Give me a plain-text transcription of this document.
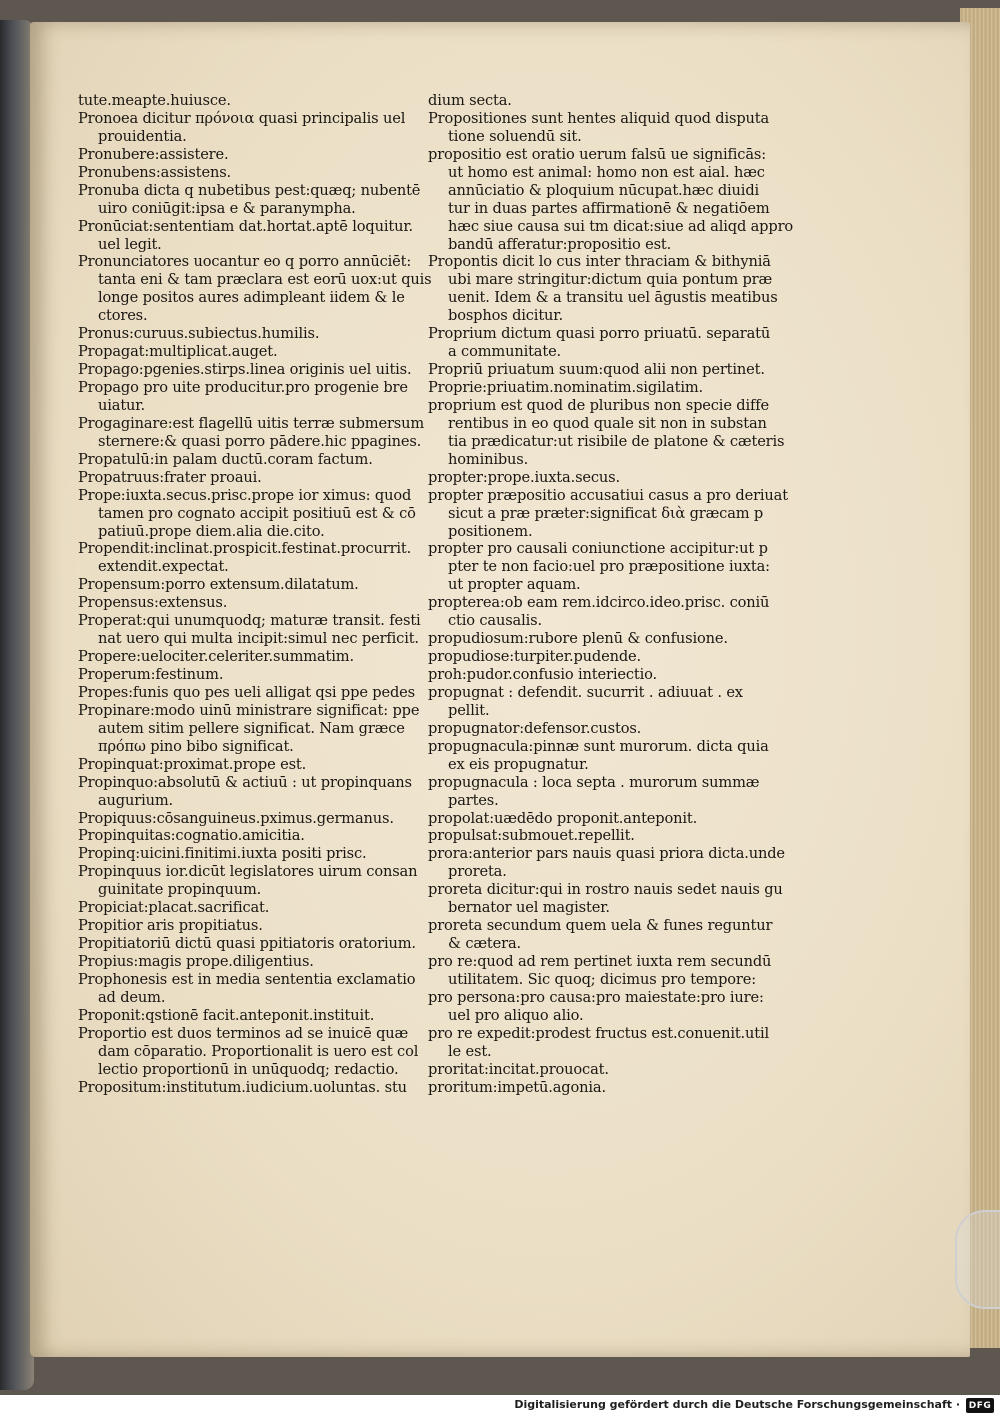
tute.meapte.huiusce.
Pronoea dicitur πρόνοια quasi principalis uel
prouidentia.
Pronubere:assistere.
Pronubens:assistens.
Pronuba dicta q nubetibus pest:quæq; nubentē
uiro coniūgit:ipsa e & paranympha.
Pronūciat:sententiam dat.hortat.aptē loquitur.
uel legit.
Pronunciatores uocantur eo q porro annūciēt:
tanta eni & tam præclara est eorū uox:ut quis
longe positos aures adimpleant iidem & le
ctores.
Pronus:curuus.subiectus.humilis.
Propagat:multiplicat.auget.
Propago:pgenies.stirps.linea originis uel uitis.
Propago pro uite producitur.pro progenie bre
uiatur.
Progaginare:est flagellū uitis terræ submersum
sternere:& quasi porro pādere.hic ppagines.
Propatulū:in palam ductū.coram factum.
Propatruus:frater proaui.
Prope:iuxta.secus.prisc.prope ior ximus: quod
tamen pro cognato accipit positiuū est & cō
patiuū.prope diem.alia die.cito.
Propendit:inclinat.prospicit.festinat.procurrit.
extendit.expectat.
Propensum:porro extensum.dilatatum.
Propensus:extensus.
Properat:qui unumquodq; maturæ transit. festi
nat uero qui multa incipit:simul nec perficit.
Propere:uelociter.celeriter.summatim.
Properum:festinum.
Propes:funis quo pes ueli alligat qsi ppe pedes
Propinare:modo uinū ministrare significat: ppe
autem sitim pellere significat. Nam græce
πρόπω pino bibo significat.
Propinquat:proximat.prope est.
Propinquo:absolutū & actiuū : ut propinquans
augurium.
Propiquus:cōsanguineus.pximus.germanus.
Propinquitas:cognatio.amicitia.
Propinq:uicini.finitimi.iuxta positi prisc.
Propinquus ior.dicūt legislatores uirum consan
guinitate propinquum.
Propiciat:placat.sacrificat.
Propitior aris propitiatus.
Propitiatoriū dictū quasi ppitiatoris oratorium.
Propius:magis prope.diligentius.
Prophonesis est in media sententia exclamatio
ad deum.
Proponit:qstionē facit.anteponit.instituit.
Proportio est duos terminos ad se inuicē quæ
dam cōparatio. Proportionalit is uero est col
lectio proportionū in unūquodq; redactio.
Propositum:institutum.iudicium.uoluntas. stu
dium secta.
Propositiones sunt hentes aliquid quod disputa
tione soluendū sit.
propositio est oratio uerum falsū ue significās:
ut homo est animal: homo non est aial. hæc
annūciatio & ploquium nūcupat.hæc diuidi
tur in duas partes affirmationē & negatiōem
hæc siue causa sui tm dicat:siue ad aliqd appro
bandū afferatur:propositio est.
Propontis dicit lo cus inter thraciam & bithyniā
ubi mare stringitur:dictum quia pontum præ
uenit. Idem & a transitu uel āgustis meatibus
bosphos dicitur.
Proprium dictum quasi porro priuatū. separatū
a communitate.
Propriū priuatum suum:quod alii non pertinet.
Proprie:priuatim.nominatim.sigilatim.
proprium est quod de pluribus non specie diffe
rentibus in eo quod quale sit non in substan
tia prædicatur:ut risibile de platone & cæteris
hominibus.
propter:prope.iuxta.secus.
propter præpositio accusatiui casus a pro deriuat
sicut a præ præter:significat διὰ græcam p
positionem.
propter pro causali coniunctione accipitur:ut p
pter te non facio:uel pro præpositione iuxta:
ut propter aquam.
propterea:ob eam rem.idcirco.ideo.prisc. coniū
ctio causalis.
propudiosum:rubore plenū & confusione.
propudiose:turpiter.pudende.
proh:pudor.confusio interiectio.
propugnat : defendit. sucurrit . adiuuat . ex
pellit.
propugnator:defensor.custos.
propugnacula:pinnæ sunt murorum. dicta quia
ex eis propugnatur.
propugnacula : loca septa . murorum summæ
partes.
propolat:uædēdo proponit.anteponit.
propulsat:submouet.repellit.
prora:anterior pars nauis quasi priora dicta.unde
proreta.
proreta dicitur:qui in rostro nauis sedet nauis gu
bernator uel magister.
proreta secundum quem uela & funes reguntur
& cætera.
pro re:quod ad rem pertinet iuxta rem secundū
utilitatem. Sic quoq; dicimus pro tempore:
pro persona:pro causa:pro maiestate:pro iure:
uel pro aliquo alio.
pro re expedit:prodest fructus est.conuenit.util
le est.
proritat:incitat.prouocat.
proritum:impetū.agonia.
Digitalisierung gefördert durch die Deutsche Forschungsgemeinschaft · DFG
